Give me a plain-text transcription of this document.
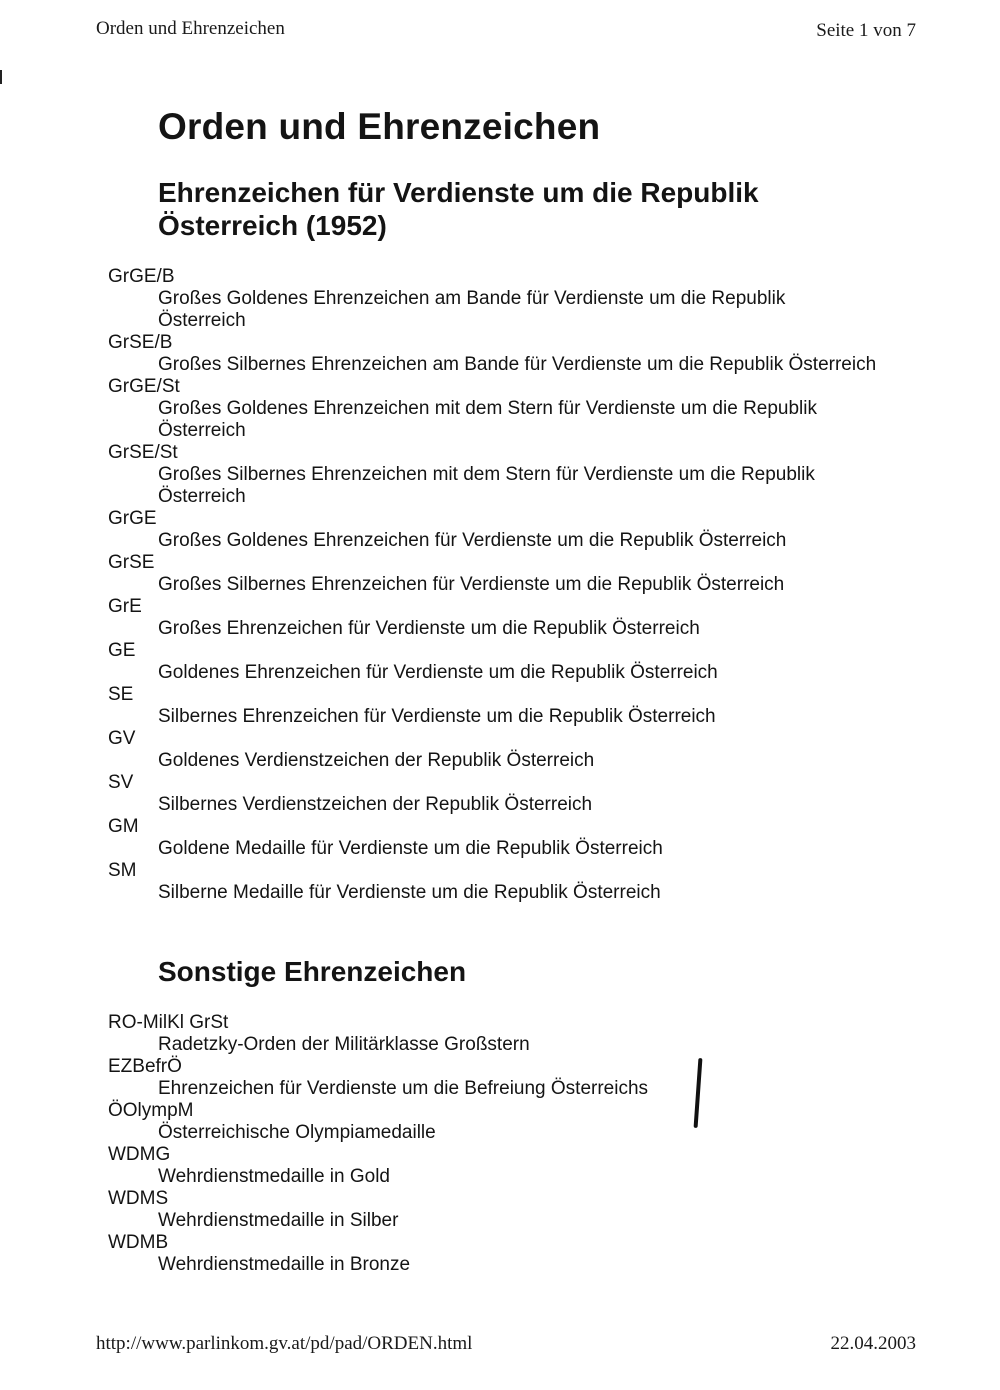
Orden und Ehrenzeichen	Seite 1 von 7
Orden und Ehrenzeichen
Ehrenzeichen für Verdienste um die Republik Österreich (1952)
GrGE/B
Großes Goldenes Ehrenzeichen am Bande für Verdienste um die Republik Österreich
GrSE/B
Großes Silbernes Ehrenzeichen am Bande für Verdienste um die Republik Österreich
GrGE/St
Großes Goldenes Ehrenzeichen mit dem Stern für Verdienste um die Republik Österreich
GrSE/St
Großes Silbernes Ehrenzeichen mit dem Stern für Verdienste um die Republik Österreich
GrGE
Großes Goldenes Ehrenzeichen für Verdienste um die Republik Österreich
GrSE
Großes Silbernes Ehrenzeichen für Verdienste um die Republik Österreich
GrE
Großes Ehrenzeichen für Verdienste um die Republik Österreich
GE
Goldenes Ehrenzeichen für Verdienste um die Republik Österreich
SE
Silbernes Ehrenzeichen für Verdienste um die Republik Österreich
GV
Goldenes Verdienstzeichen der Republik Österreich
SV
Silbernes Verdienstzeichen der Republik Österreich
GM
Goldene Medaille für Verdienste um die Republik Österreich
SM
Silberne Medaille für Verdienste um die Republik Österreich
Sonstige Ehrenzeichen
RO-MilKl GrSt
Radetzky-Orden der Militärklasse Großstern
EZBefrÖ
Ehrenzeichen für Verdienste um die Befreiung Österreichs
ÖOlympM
Österreichische Olympiamedaille
WDMG
Wehrdienstmedaille in Gold
WDMS
Wehrdienstmedaille in Silber
WDMB
Wehrdienstmedaille in Bronze
http://www.parlinkom.gv.at/pd/pad/ORDEN.html	22.04.2003
